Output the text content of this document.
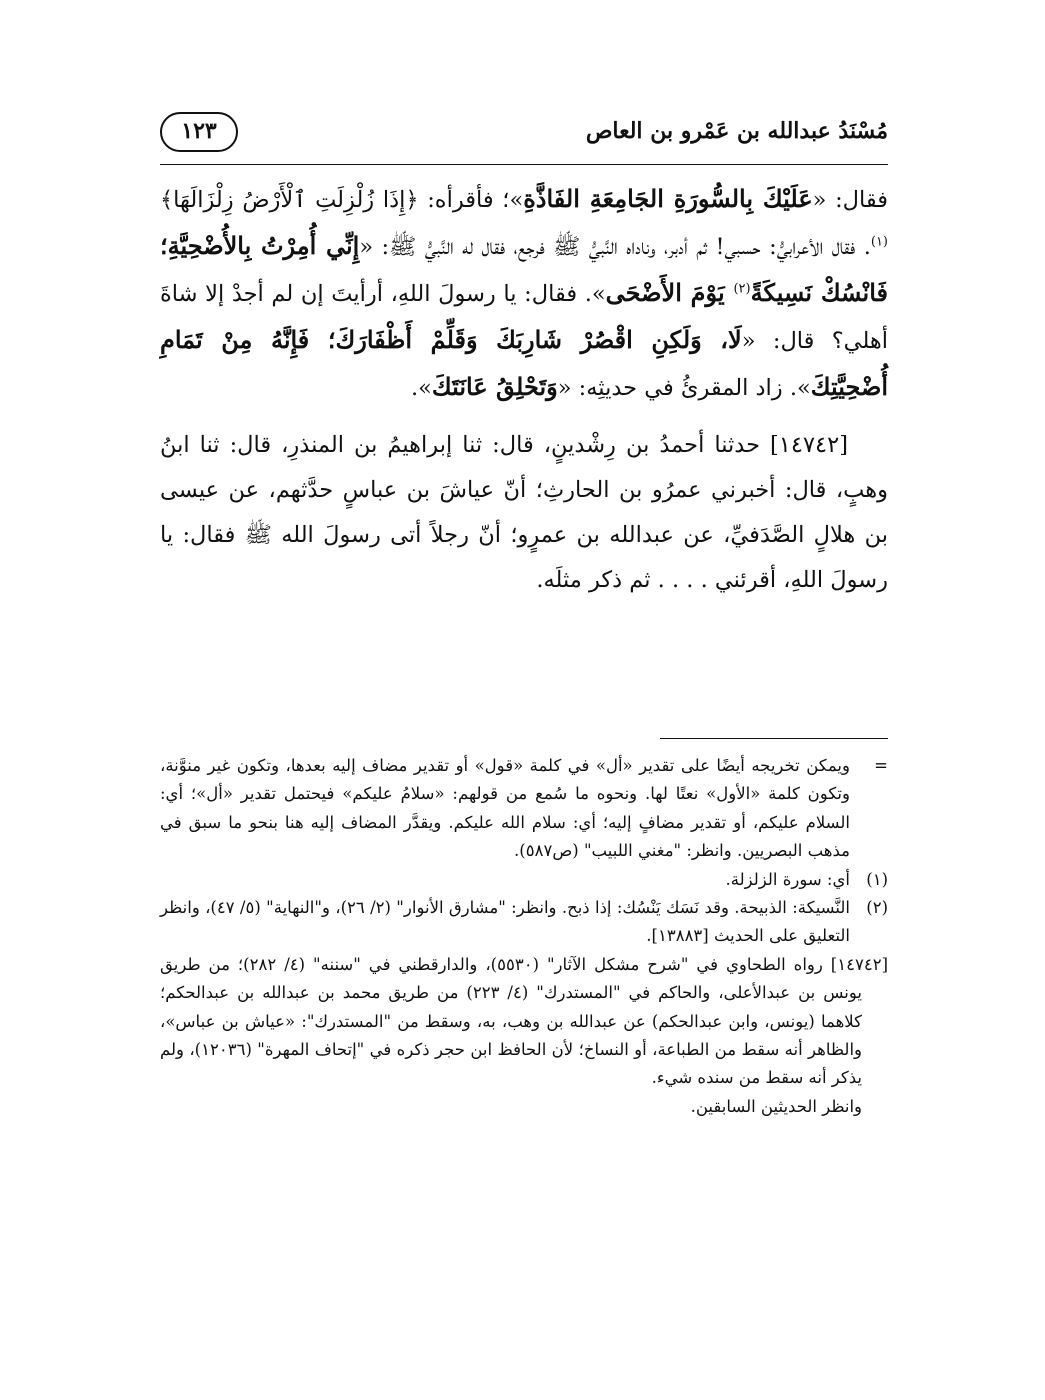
مُسْنَدُ عبدالله بن عَمْرو بن العاص
١٢٣

فقال: «عَلَيْكَ بِالسُّورَةِ الجَامِعَةِ الفَاذَّةِ»؛ فأقرأه: ﴿إِذَا زُلْزِلَتِ ٱلْأَرْضُ زِلْزَالَهَا﴾$^{(١)}$. فقال الأعرابيُّ: حسبي! ثم أدبر، وناداه النَّبيُّ ﷺ فرجع، فقال له النَّبيُّ ﷺ: «إِنِّي أُمِرْتُ بِالأُضْحِيَّةِ؛ فَانْسُكْ نَسِيكَةً$^{(٢)}$ يَوْمَ الأَضْحَى». فقال: يا رسولَ اللهِ، أرأيتَ إن لم أجدْ إلا شاةَ أهلي؟ قال: «لَا، وَلَكِنِ اقْصُرْ شَارِبَكَ وَقَلِّمْ أَظْفَارَكَ؛ فَإِنَّهُ مِنْ تَمَامِ أُضْحِيَّتِكَ». زاد المقرئُ في حديثِه: «وَتَحْلِقُ عَانَتَكَ».

[١٤٧٤٢] حدثنا أحمدُ بن رِشْدينٍ، قال: ثنا إبراهيمُ بن المنذرِ، قال: ثنا ابنُ وهبٍ، قال: أخبرني عمرُو بن الحارثِ؛ أنّ عياشَ بن عباسٍ حدَّثهم، عن عيسى بن هلالٍ الصَّدَفيِّ، عن عبدالله بن عمرٍو؛ أنّ رجلاً أتى رسولَ الله ﷺ فقال: يا رسولَ اللهِ، أقرئني . . . . ثم ذكر مثلَه.

=
ويمكن تخريجه أيضًا على تقدير «أل» في كلمة «قول» أو تقدير مضاف إليه بعدها، وتكون غير منوَّنة، وتكون كلمة «الأول» نعتًا لها. ونحوه ما سُمع من قولهم: «سلامُ عليكم» فيحتمل تقدير «أل»؛ أي: السلام عليكم، أو تقدير مضافٍ إليه؛ أي: سلام الله عليكم. ويقدَّر المضاف إليه هنا بنحو ما سبق في مذهب البصريين. وانظر: "مغني اللبيب" (ص٥٨٧).
(١)
أي: سورة الزلزلة.
(٢)
النَّسيكة: الذبيحة. وقد نَسَك يَنْسُك: إذا ذبح. وانظر: "مشارق الأنوار" (٢/ ٢٦)، و"النهاية" (٥/ ٤٧)، وانظر التعليق على الحديث [١٣٨٨٣].
[١٤٧٤٢] رواه الطحاوي في "شرح مشكل الآثار" (٥٥٣٠)، والدارقطني في "سننه" (٤/ ٢٨٢)؛ من طريق يونس بن عبدالأعلى، والحاكم في "المستدرك" (٤/ ٢٢٣) من طريق محمد بن عبدالله بن عبدالحكم؛ كلاهما (يونس، وابن عبدالحكم) عن عبدالله بن وهب، به، وسقط من "المستدرك": «عياش بن عباس»، والظاهر أنه سقط من الطباعة، أو النساخ؛ لأن الحافظ ابن حجر ذكره في "إتحاف المهرة" (١٢٠٣٦)، ولم يذكر أنه سقط من سنده شيء.
وانظر الحديثين السابقين.
